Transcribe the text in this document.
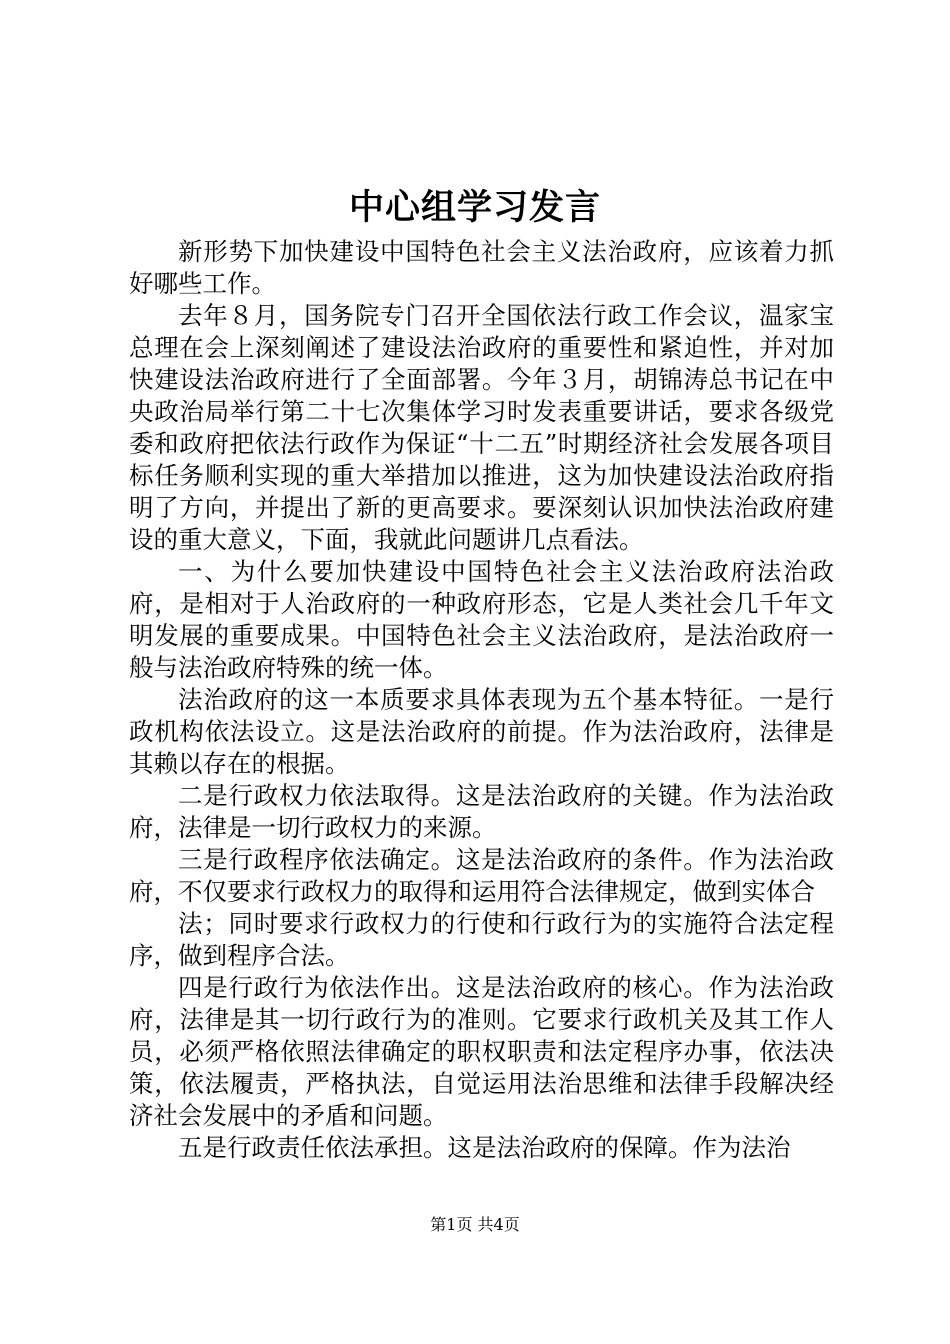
中心组学习发言

新形势下加快建设中国特色社会主义法治政府，应该着力抓好哪些工作。

去年８月，国务院专门召开全国依法行政工作会议，温家宝总理在会上深刻阐述了建设法治政府的重要性和紧迫性，并对加快建设法治政府进行了全面部署。今年３月，胡锦涛总书记在中央政治局举行第二十七次集体学习时发表重要讲话，要求各级党委和政府把依法行政作为保证“十二五”时期经济社会发展各项目标任务顺利实现的重大举措加以推进，这为加快建设法治政府指明了方向，并提出了新的更高要求。要深刻认识加快法治政府建设的重大意义，下面，我就此问题讲几点看法。

一、为什么要加快建设中国特色社会主义法治政府法治政府，是相对于人治政府的一种政府形态，它是人类社会几千年文明发展的重要成果。中国特色社会主义法治政府，是法治政府一般与法治政府特殊的统一体。

法治政府的这一本质要求具体表现为五个基本特征。一是行政机构依法设立。这是法治政府的前提。作为法治政府，法律是其赖以存在的根据。

二是行政权力依法取得。这是法治政府的关键。作为法治政府，法律是一切行政权力的来源。

三是行政程序依法确定。这是法治政府的条件。作为法治政府，不仅要求行政权力的取得和运用符合法律规定，做到实体合

法；同时要求行政权力的行使和行政行为的实施符合法定程序，做到程序合法。

四是行政行为依法作出。这是法治政府的核心。作为法治政府，法律是其一切行政行为的准则。它要求行政机关及其工作人员，必须严格依照法律确定的职权职责和法定程序办事，依法决策，依法履责，严格执法，自觉运用法治思维和法律手段解决经济社会发展中的矛盾和问题。

五是行政责任依法承担。这是法治政府的保障。作为法治

第1页 共4页
